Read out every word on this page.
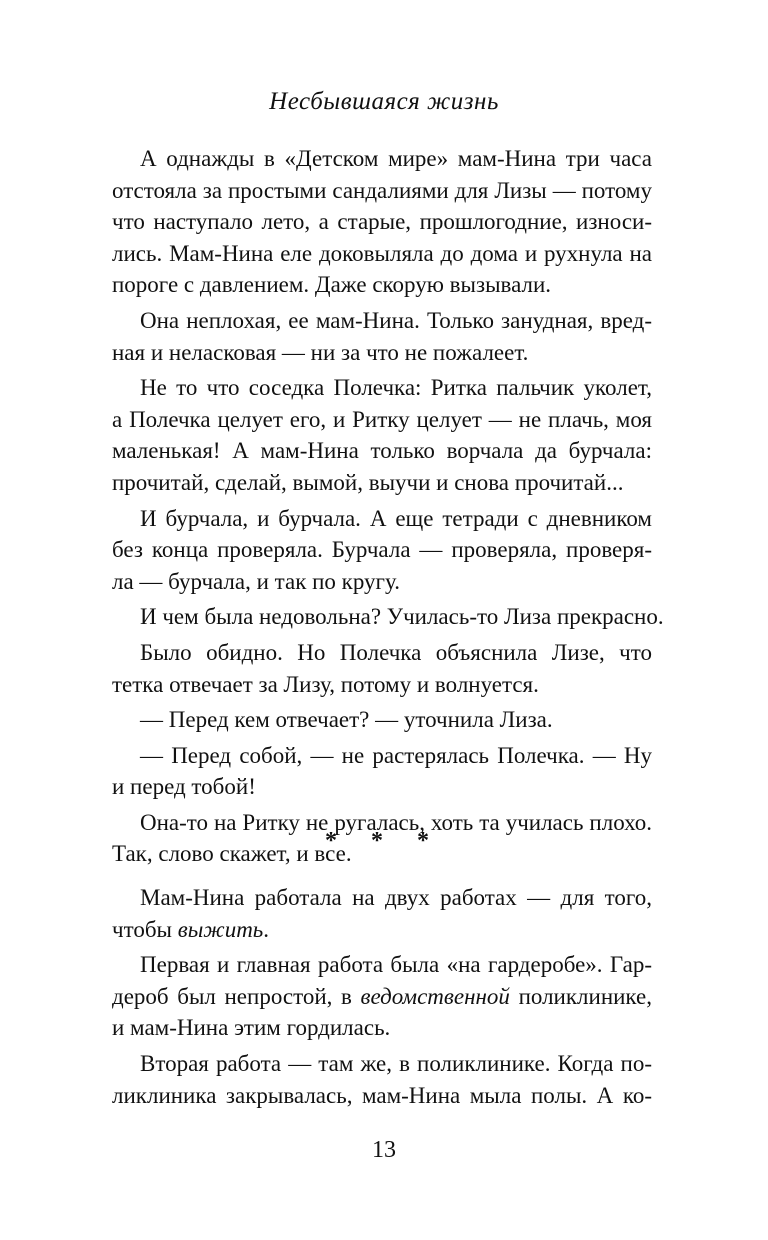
Несбывшаяся жизнь
А однажды в «Детском мире» мам-Нина три часа
отстояла за простыми сандалиями для Лизы — потому
что наступало лето, а старые, прошлогодние, износи-
лись. Мам-Нина еле доковыляла до дома и рухнула на
пороге с давлением. Даже скорую вызывали.
Она неплохая, ее мам-Нина. Только занудная, вред-
ная и неласковая — ни за что не пожалеет.
Не то что соседка Полечка: Ритка пальчик уколет,
а Полечка целует его, и Ритку целует — не плачь, моя
маленькая! А мам-Нина только ворчала да бурчала:
прочитай, сделай, вымой, выучи и снова прочитай...
И бурчала, и бурчала. А еще тетради с дневником
без конца проверяла. Бурчала — проверяла, проверя-
ла — бурчала, и так по кругу.
И чем была недовольна? Училась-то Лиза прекрасно.
Было обидно. Но Полечка объяснила Лизе, что
тетка отвечает за Лизу, потому и волнуется.
— Перед кем отвечает? — уточнила Лиза.
— Перед собой, — не растерялась Полечка. — Ну
и перед тобой!
Она-то на Ритку не ругалась, хоть та училась плохо.
Так, слово скажет, и все.
* * *
Мам-Нина работала на двух работах — для того,
чтобы выжить.
Первая и главная работа была «на гардеробе». Гар-
дероб был непростой, в ведомственной поликлинике,
и мам-Нина этим гордилась.
Вторая работа — там же, в поликлинике. Когда по-
ликлиника закрывалась, мам-Нина мыла полы. А ко-
13
